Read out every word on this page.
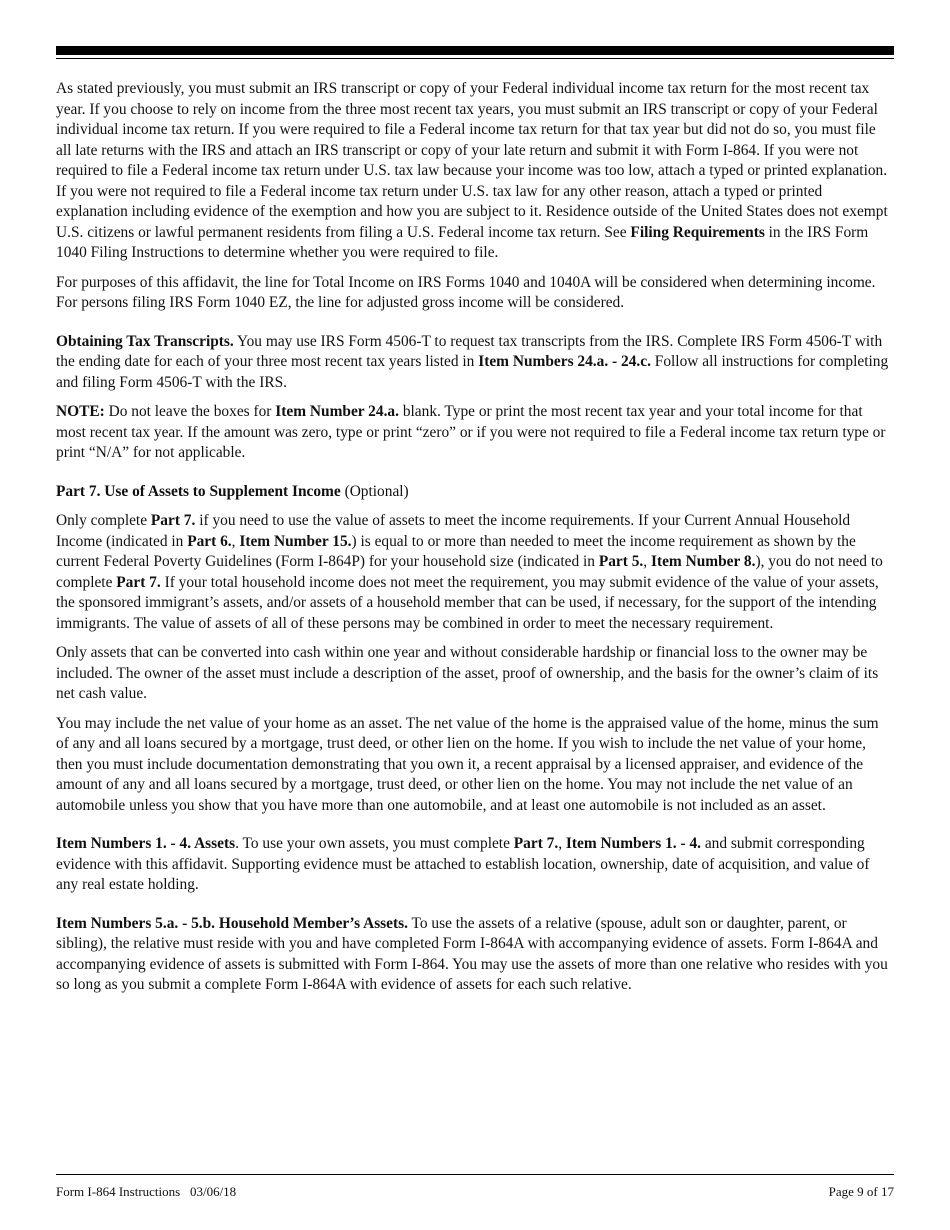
As stated previously, you must submit an IRS transcript or copy of your Federal individual income tax return for the most recent tax year. If you choose to rely on income from the three most recent tax years, you must submit an IRS transcript or copy of your Federal individual income tax return. If you were required to file a Federal income tax return for that tax year but did not do so, you must file all late returns with the IRS and attach an IRS transcript or copy of your late return and submit it with Form I-864. If you were not required to file a Federal income tax return under U.S. tax law because your income was too low, attach a typed or printed explanation. If you were not required to file a Federal income tax return under U.S. tax law for any other reason, attach a typed or printed explanation including evidence of the exemption and how you are subject to it. Residence outside of the United States does not exempt U.S. citizens or lawful permanent residents from filing a U.S. Federal income tax return. See Filing Requirements in the IRS Form 1040 Filing Instructions to determine whether you were required to file.

For purposes of this affidavit, the line for Total Income on IRS Forms 1040 and 1040A will be considered when determining income. For persons filing IRS Form 1040 EZ, the line for adjusted gross income will be considered.

Obtaining Tax Transcripts. You may use IRS Form 4506-T to request tax transcripts from the IRS. Complete IRS Form 4506-T with the ending date for each of your three most recent tax years listed in Item Numbers 24.a. - 24.c. Follow all instructions for completing and filing Form 4506-T with the IRS.

NOTE: Do not leave the boxes for Item Number 24.a. blank. Type or print the most recent tax year and your total income for that most recent tax year. If the amount was zero, type or print “zero” or if you were not required to file a Federal income tax return type or print “N/A” for not applicable.

Part 7. Use of Assets to Supplement Income (Optional)

Only complete Part 7. if you need to use the value of assets to meet the income requirements. If your Current Annual Household Income (indicated in Part 6., Item Number 15.) is equal to or more than needed to meet the income requirement as shown by the current Federal Poverty Guidelines (Form I-864P) for your household size (indicated in Part 5., Item Number 8.), you do not need to complete Part 7. If your total household income does not meet the requirement, you may submit evidence of the value of your assets, the sponsored immigrant’s assets, and/or assets of a household member that can be used, if necessary, for the support of the intending immigrants. The value of assets of all of these persons may be combined in order to meet the necessary requirement.

Only assets that can be converted into cash within one year and without considerable hardship or financial loss to the owner may be included. The owner of the asset must include a description of the asset, proof of ownership, and the basis for the owner’s claim of its net cash value.

You may include the net value of your home as an asset. The net value of the home is the appraised value of the home, minus the sum of any and all loans secured by a mortgage, trust deed, or other lien on the home. If you wish to include the net value of your home, then you must include documentation demonstrating that you own it, a recent appraisal by a licensed appraiser, and evidence of the amount of any and all loans secured by a mortgage, trust deed, or other lien on the home. You may not include the net value of an automobile unless you show that you have more than one automobile, and at least one automobile is not included as an asset.

Item Numbers 1. - 4. Assets. To use your own assets, you must complete Part 7., Item Numbers 1. - 4. and submit corresponding evidence with this affidavit. Supporting evidence must be attached to establish location, ownership, date of acquisition, and value of any real estate holding.

Item Numbers 5.a. - 5.b. Household Member’s Assets. To use the assets of a relative (spouse, adult son or daughter, parent, or sibling), the relative must reside with you and have completed Form I-864A with accompanying evidence of assets. Form I-864A and accompanying evidence of assets is submitted with Form I-864. You may use the assets of more than one relative who resides with you so long as you submit a complete Form I-864A with evidence of assets for each such relative.

Form I-864 Instructions   03/06/18	Page 9 of 17
